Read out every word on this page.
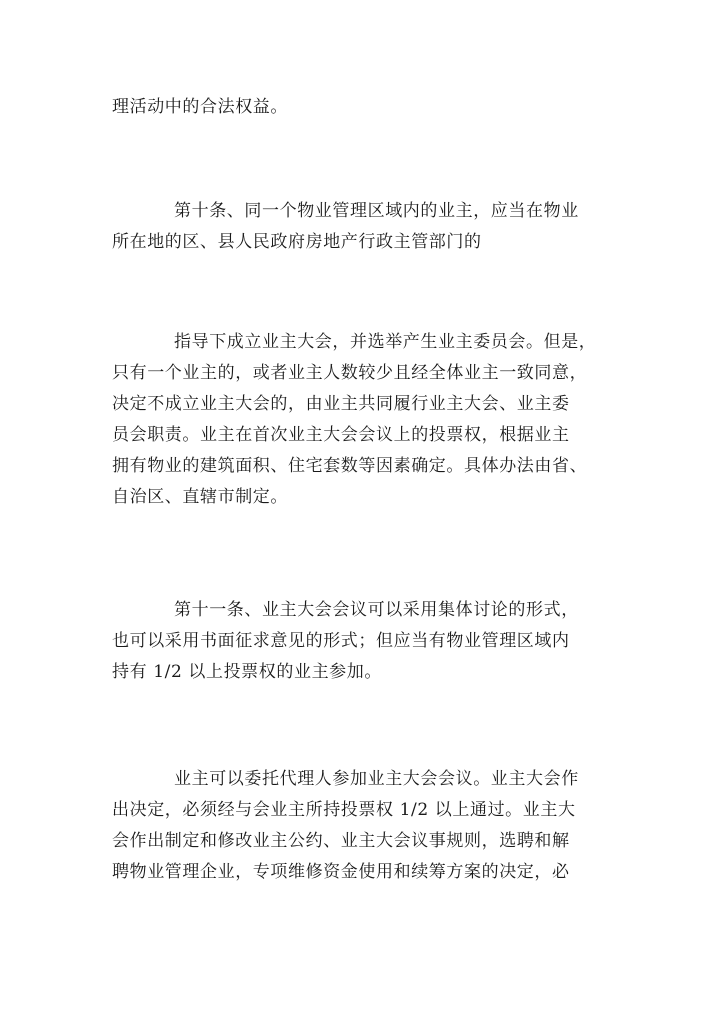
理活动中的合法权益。

第十条、同一个物业管理区域内的业主，应当在物业
所在地的区、县人民政府房地产行政主管部门的

指导下成立业主大会，并选举产生业主委员会。但是，
只有一个业主的，或者业主人数较少且经全体业主一致同意，
决定不成立业主大会的，由业主共同履行业主大会、业主委
员会职责。业主在首次业主大会会议上的投票权，根据业主
拥有物业的建筑面积、住宅套数等因素确定。具体办法由省、
自治区、直辖市制定。

第十一条、业主大会会议可以采用集体讨论的形式，
也可以采用书面征求意见的形式；但应当有物业管理区域内
持有 1/2 以上投票权的业主参加。

业主可以委托代理人参加业主大会会议。业主大会作
出决定，必须经与会业主所持投票权 1/2 以上通过。业主大
会作出制定和修改业主公约、业主大会议事规则，选聘和解
聘物业管理企业，专项维修资金使用和续筹方案的决定，必
